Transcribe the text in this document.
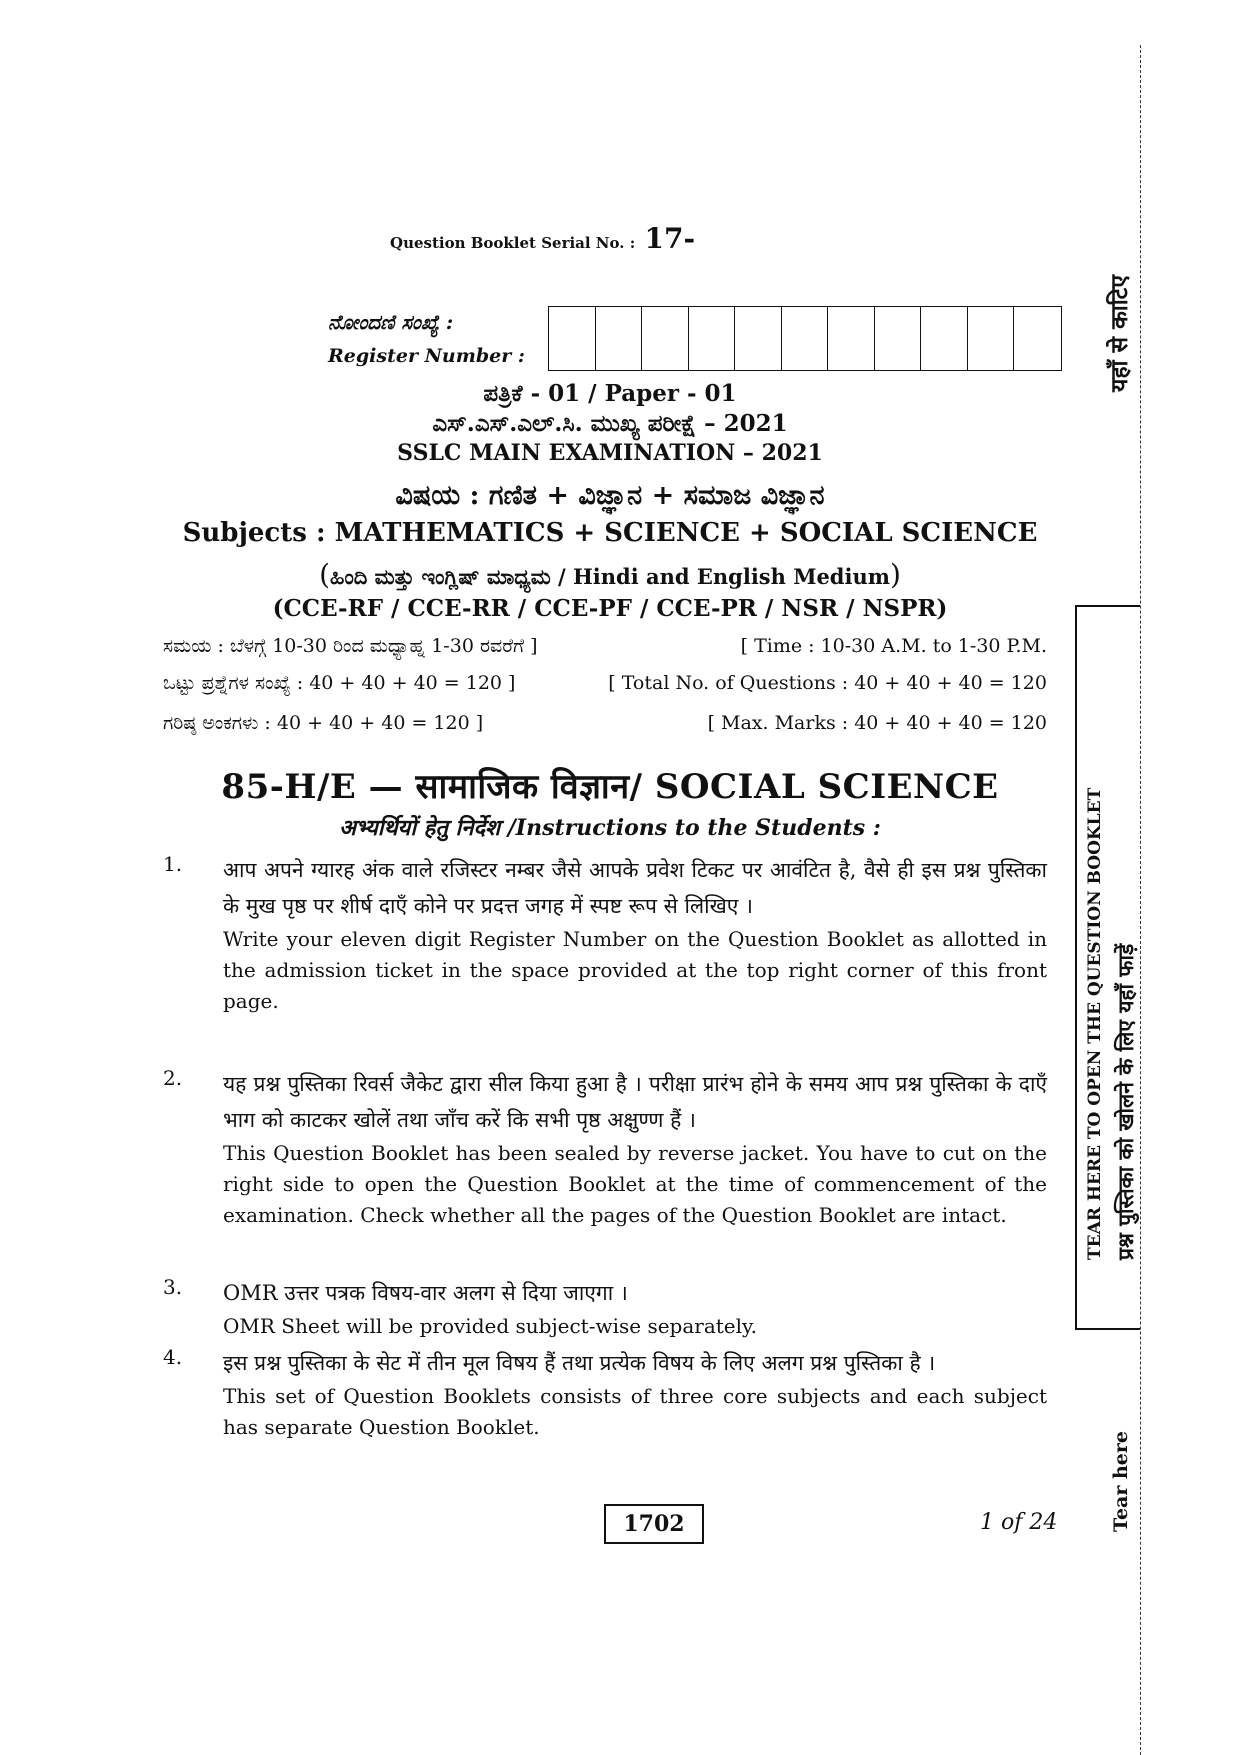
Question Booklet Serial No. : 17-
ನೋಂದಣಿ ಸಂಖ್ಯೆ :
Register Number :
ಪತ್ರಿಕೆ - 01 / Paper - 01
ಎಸ್.ಎಸ್.ಎಲ್.ಸಿ. ಮುಖ್ಯ ಪರೀಕ್ಷೆ – 2021
SSLC MAIN EXAMINATION – 2021
ವಿಷಯ : ಗಣಿತ + ವಿಜ್ಞಾನ + ಸಮಾಜ ವಿಜ್ಞಾನ
Subjects : MATHEMATICS + SCIENCE + SOCIAL SCIENCE
(ಹಿಂದಿ ಮತ್ತು ಇಂಗ್ಲಿಷ್ ಮಾಧ್ಯಮ / Hindi and English Medium)
(CCE-RF / CCE-RR / CCE-PF / CCE-PR / NSR / NSPR)
ಸಮಯ : ಬೆಳಗ್ಗೆ 10-30 ರಿಂದ ಮಧ್ಯಾಹ್ನ 1-30 ರವರೆಗೆ ]	[ Time : 10-30 A.M. to 1-30 P.M.
ಒಟ್ಟು ಪ್ರಶ್ನೆಗಳ ಸಂಖ್ಯೆ : 40 + 40 + 40 = 120 ]	[ Total No. of Questions : 40 + 40 + 40 = 120
ಗರಿಷ್ಠ ಅಂಕಗಳು : 40 + 40 + 40 = 120 ]	[ Max. Marks : 40 + 40 + 40 = 120
85-H/E — सामाजिक विज्ञान/ SOCIAL SCIENCE
अभ्यर्थियों हेतु निर्देश /Instructions to the Students :
1. आप अपने ग्यारह अंक वाले रजिस्टर नम्बर जैसे आपके प्रवेश टिकट पर आवंटित है, वैसे ही इस प्रश्न पुस्तिका के मुख पृष्ठ पर शीर्ष दाएँ कोने पर प्रदत्त जगह में स्पष्ट रूप से लिखिए ।
Write your eleven digit Register Number on the Question Booklet as allotted in the admission ticket in the space provided at the top right corner of this front page.
2. यह प्रश्न पुस्तिका रिवर्स जैकेट द्वारा सील किया हुआ है । परीक्षा प्रारंभ होने के समय आप प्रश्न पुस्तिका के दाएँ भाग को काटकर खोलें तथा जाँच करें कि सभी पृष्ठ अक्षुण्ण हैं ।
This Question Booklet has been sealed by reverse jacket. You have to cut on the right side to open the Question Booklet at the time of commencement of the examination. Check whether all the pages of the Question Booklet are intact.
3. OMR उत्तर पत्रक विषय-वार अलग से दिया जाएगा ।
OMR Sheet will be provided subject-wise separately.
4. इस प्रश्न पुस्तिका के सेट में तीन मूल विषय हैं तथा प्रत्येक विषय के लिए अलग प्रश्न पुस्तिका है ।
This set of Question Booklets consists of three core subjects and each subject has separate Question Booklet.
1702	1 of 24
यहाँ से काटिए
TEAR HERE TO OPEN THE QUESTION BOOKLET प्रश्न पुस्तिका को खोलने के लिए यहाँ फाड़ें
Tear here
